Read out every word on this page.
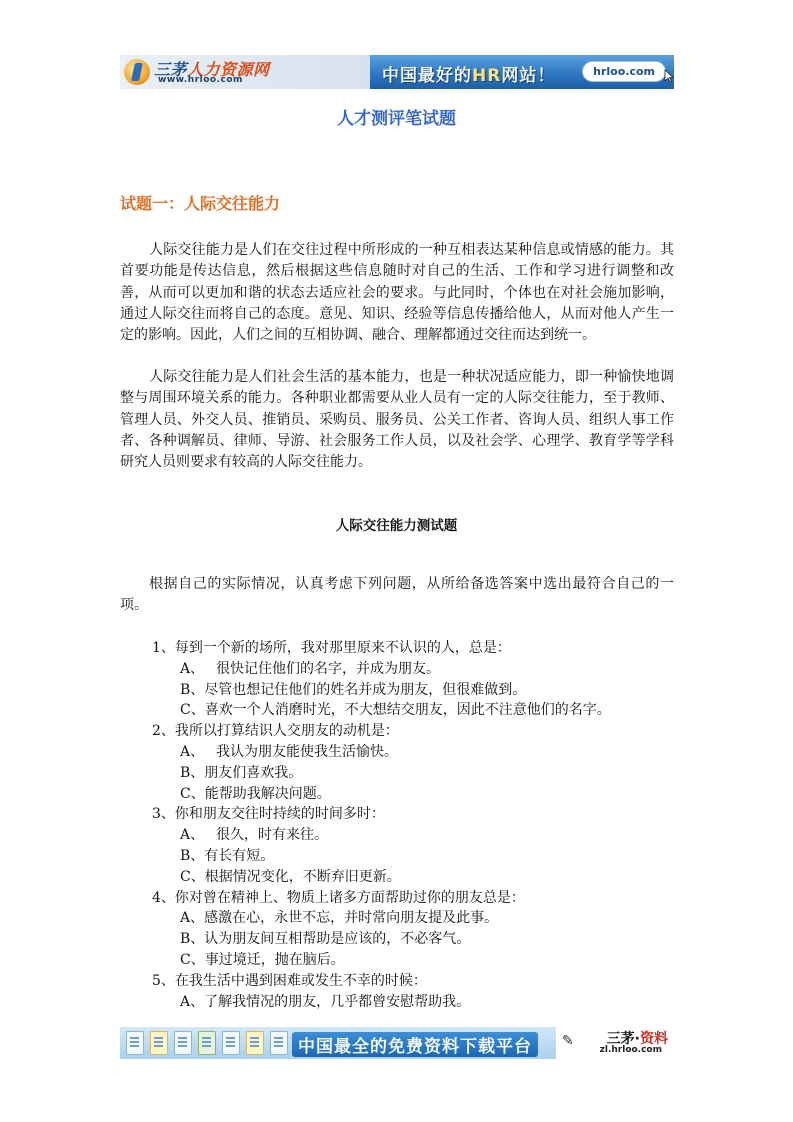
三茅人力资源网
www.hrloo.com	中国最好的HR网站！	hrloo.com
人才测评笔试题
试题一：人际交往能力

人际交往能力是人们在交往过程中所形成的一种互相表达某种信息或情感的能力。其首要功能是传达信息，然后根据这些信息随时对自己的生活、工作和学习进行调整和改善，从而可以更加和谐的状态去适应社会的要求。与此同时，个体也在对社会施加影响，通过人际交往而将自己的态度。意见、知识、经验等信息传播给他人，从而对他人产生一定的影响。因此，人们之间的互相协调、融合、理解都通过交往而达到统一。

人际交往能力是人们社会生活的基本能力，也是一种状况适应能力，即一种愉快地调整与周围环境关系的能力。各种职业都需要从业人员有一定的人际交往能力，至于教师、管理人员、外交人员、推销员、采购员、服务员、公关工作者、咨询人员、组织人事工作者、各种调解员、律师、导游、社会服务工作人员，以及社会学、心理学、教育学等学科研究人员则要求有较高的人际交往能力。

人际交往能力测试题

根据自己的实际情况，认真考虑下列问题，从所给备选答案中选出最符合自己的一项。

1、每到一个新的场所，我对那里原来不认识的人，总是：
A、 很快记住他们的名字，并成为朋友。
B、尽管也想记住他们的姓名并成为朋友，但很难做到。
C、喜欢一个人消磨时光，不大想结交朋友，因此不注意他们的名字。
2、我所以打算结识人交朋友的动机是：
A、 我认为朋友能使我生活愉快。
B、朋友们喜欢我。
C、能帮助我解决问题。
3、你和朋友交往时持续的时间多时：
A、 很久，时有来往。
B、有长有短。
C、根据情况变化，不断弃旧更新。
4、你对曾在精神上、物质上诸多方面帮助过你的朋友总是：
A、感激在心，永世不忘，并时常向朋友提及此事。
B、认为朋友间互相帮助是应该的，不必客气。
C、事过境迁，抛在脑后。
5、在我生活中遇到困难或发生不幸的时候：
A、了解我情况的朋友，几乎都曾安慰帮助我。
中国最全的免费资料下载平台	✎ 三茅·资料
zl.hrloo.com
